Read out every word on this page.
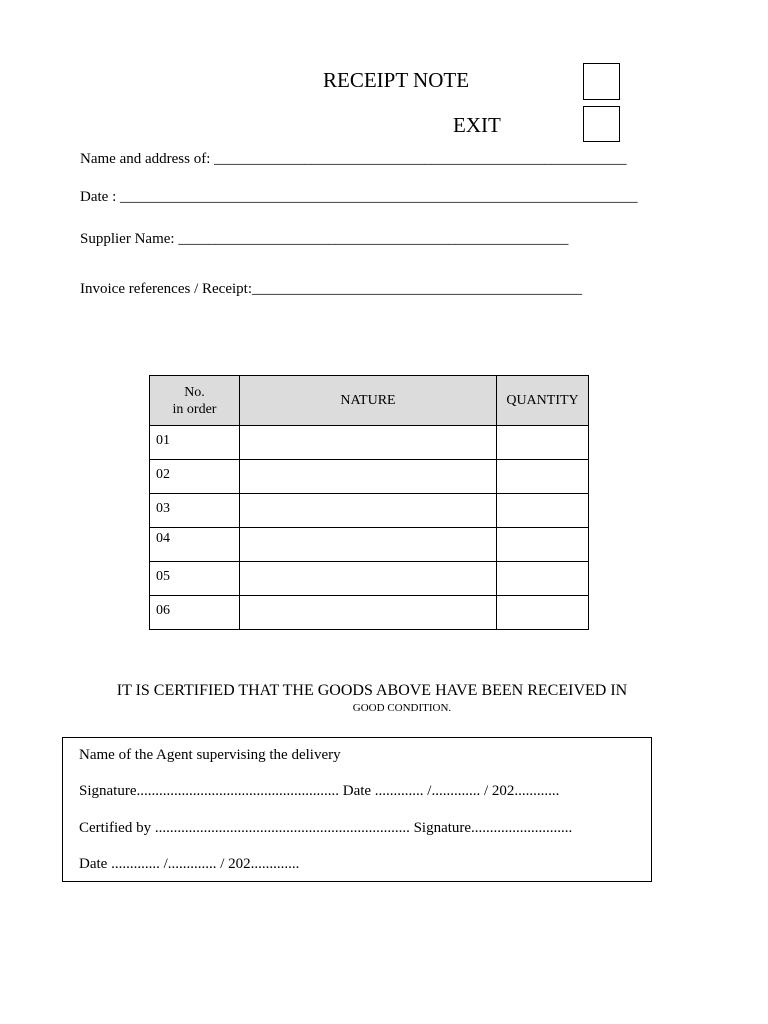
RECEIPT NOTE
EXIT
Name and address of: _______________________________________________________
Date : _____________________________________________________________________
Supplier Name: ____________________________________________________
Invoice references / Receipt:____________________________________________
No.
in order	NATURE	QUANTITY
01		
02		
03		
04		
05		
06		
IT IS CERTIFIED THAT THE GOODS ABOVE HAVE BEEN RECEIVED IN
GOOD CONDITION.
Name of the Agent supervising the delivery
Signature...................................................... Date ............. /............. / 202............
Certified by .................................................................... Signature...........................
Date ............. /............. / 202.............
